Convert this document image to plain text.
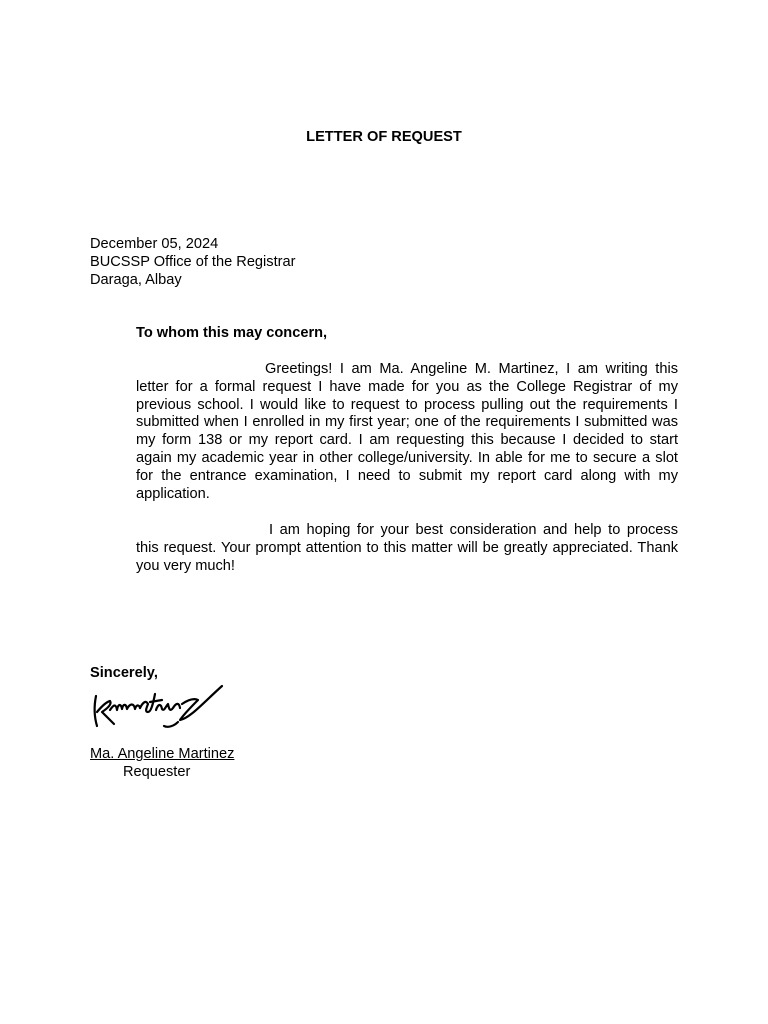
LETTER OF REQUEST
December 05, 2024
BUCSSP Office of the Registrar
Daraga, Albay
To whom this may concern,
Greetings! I am Ma. Angeline M. Martinez, I am writing this letter for a formal request I have made for you as the College Registrar of my previous school. I would like to request to process pulling out the requirements I submitted when I enrolled in my first year; one of the requirements I submitted was my form 138 or my report card. I am requesting this because I decided to start again my academic year in other college/university. In able for me to secure a slot for the entrance examination, I need to submit my report card along with my application.
I am hoping for your best consideration and help to process this request. Your prompt attention to this matter will be greatly appreciated. Thank you very much!
Sincerely,
Ma. Angeline Martinez
Requester
